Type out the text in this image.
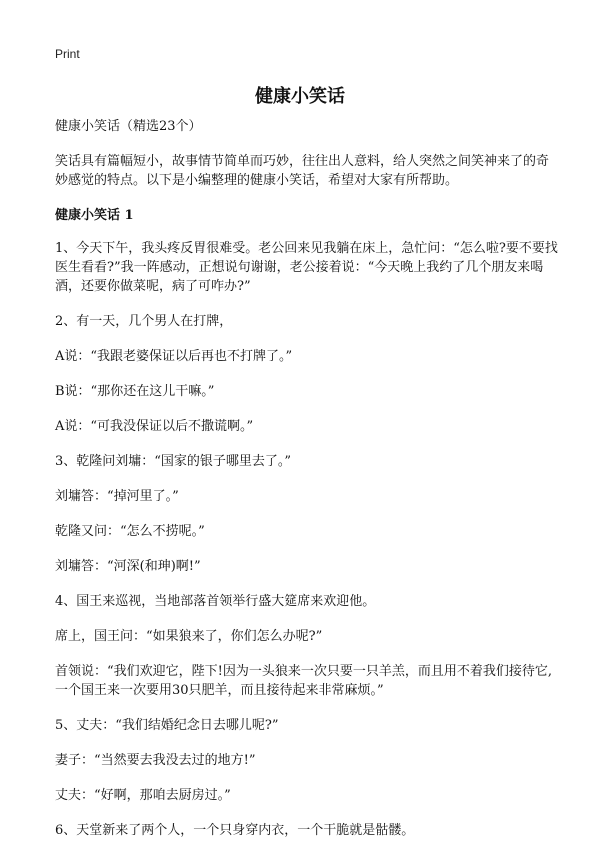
Print
健康小笑话

健康小笑话（精选23个）

笑话具有篇幅短小，故事情节简单而巧妙，往往出人意料，给人突然之间笑神来了的奇妙感觉的特点。以下是小编整理的健康小笑话，希望对大家有所帮助。

健康小笑话 1

1、今天下午，我头疼反胃很难受。老公回来见我躺在床上，急忙问：“怎么啦?要不要找医生看看?”我一阵感动，正想说句谢谢，老公接着说：“今天晚上我约了几个朋友来喝酒，还要你做菜呢，病了可咋办?”

2、有一天，几个男人在打牌，

A说：“我跟老婆保证以后再也不打牌了。”

B说：“那你还在这儿干嘛。”

A说：“可我没保证以后不撒谎啊。”

3、乾隆问刘墉：“国家的银子哪里去了。”

刘墉答：“掉河里了。”

乾隆又问：“怎么不捞呢。”

刘墉答：“河深(和珅)啊!”

4、国王来巡视，当地部落首领举行盛大筵席来欢迎他。

席上，国王问：“如果狼来了，你们怎么办呢?”

首领说：“我们欢迎它，陛下!因为一头狼来一次只要一只羊羔，而且用不着我们接待它,一个国王来一次要用30只肥羊，而且接待起来非常麻烦。”

5、丈夫：“我们结婚纪念日去哪儿呢?”

妻子：“当然要去我没去过的地方!”

丈夫：“好啊，那咱去厨房过。”

6、天堂新来了两个人，一个只身穿内衣，一个干脆就是骷髅。
